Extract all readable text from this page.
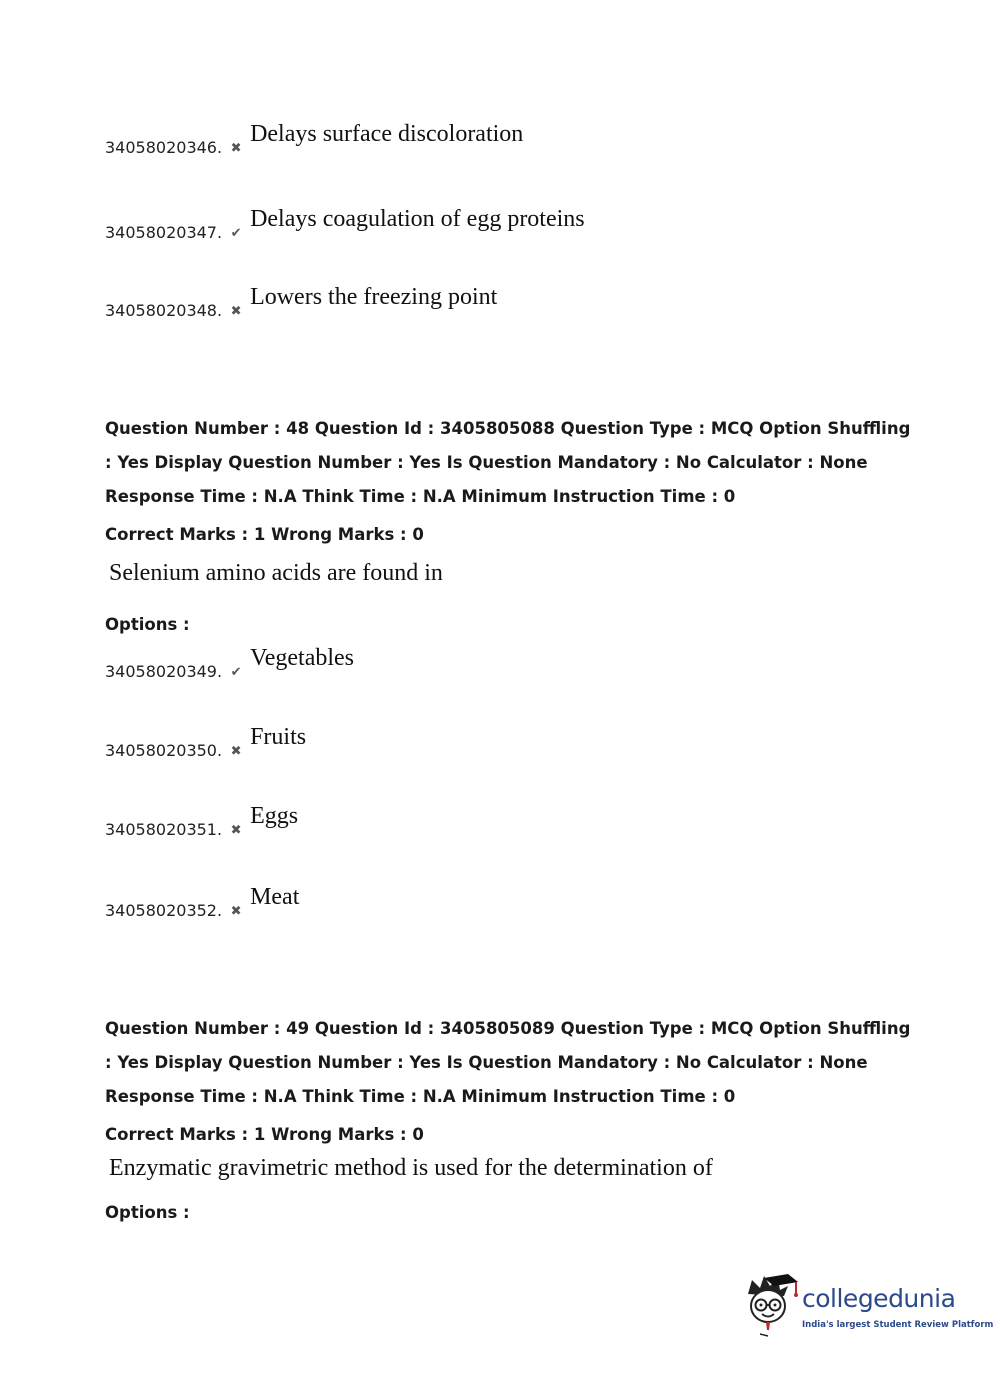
34058020346. ✖
Delays surface discoloration
34058020347. ✔
Delays coagulation of egg proteins
34058020348. ✖
Lowers the freezing point
Question Number : 48 Question Id : 3405805088 Question Type : MCQ Option Shuffling : Yes Display Question Number : Yes Is Question Mandatory : No Calculator : None Response Time : N.A Think Time : N.A Minimum Instruction Time : 0
Correct Marks : 1 Wrong Marks : 0
Selenium amino acids are found in
Options :
34058020349. ✔
Vegetables
34058020350. ✖
Fruits
34058020351. ✖
Eggs
34058020352. ✖
Meat
Question Number : 49 Question Id : 3405805089 Question Type : MCQ Option Shuffling : Yes Display Question Number : Yes Is Question Mandatory : No Calculator : None Response Time : N.A Think Time : N.A Minimum Instruction Time : 0
Correct Marks : 1 Wrong Marks : 0
Enzymatic gravimetric method is used for the determination of
Options :
collegedunia
India's largest Student Review Platform
